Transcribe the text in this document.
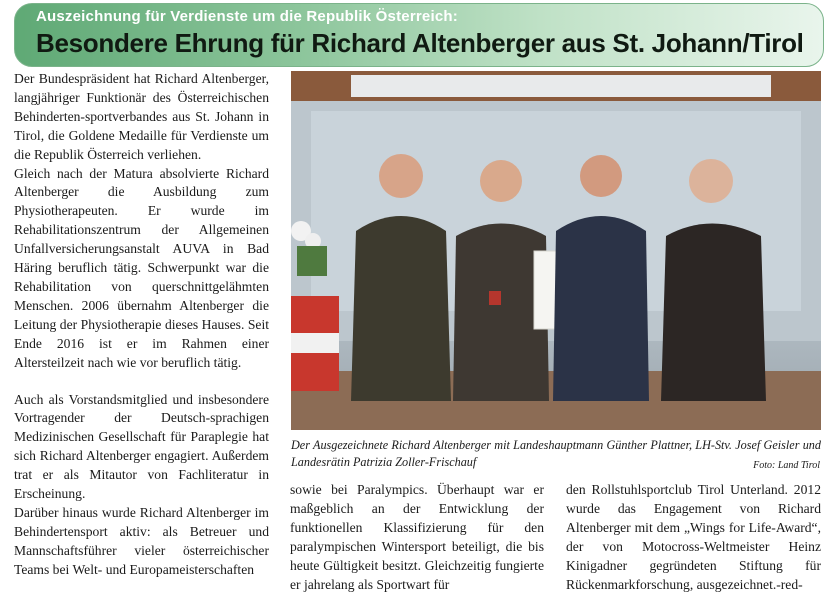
Auszeichnung für Verdienste um die Republik Österreich:
Besondere Ehrung für Richard Altenberger aus St. Johann/Tirol

Der Bundespräsident hat Richard Altenberger, langjähriger Funktionär des Österreichischen Behinderten-sportverbandes aus St. Johann in Tirol, die Goldene Medaille für Verdienste um die Republik Österreich verliehen.

Gleich nach der Matura absolvierte Richard Altenberger die Ausbildung zum Physiotherapeuten. Er wurde im Rehabilitationszentrum der Allgemeinen Unfallversicherungsanstalt AUVA in Bad Häring beruflich tätig. Schwerpunkt war die Rehabilitation von querschnittgelähmten Menschen. 2006 übernahm Altenberger die Leitung der Physiotherapie dieses Hauses. Seit Ende 2016 ist er im Rahmen einer Altersteilzeit nach wie vor beruflich tätig.

Auch als Vorstandsmitglied und insbesondere Vortragender der Deutsch-sprachigen Medizinischen Gesellschaft für Paraplegie hat sich Richard Altenberger engagiert. Außerdem trat er als Mitautor von Fachliteratur in Erscheinung.

Darüber hinaus wurde Richard Altenberger im Behindertensport aktiv: als Betreuer und Mannschaftsführer vieler österreichischer Teams bei Welt- und Europameisterschaften

Der Ausgezeichnete Richard Altenberger mit Landeshauptmann Günther Plattner, LH-Stv. Josef Geisler und Landesrätin Patrizia Zoller-Frischauf	Foto: Land Tirol

sowie bei Paralympics. Überhaupt war er maßgeblich an der Entwicklung der funktionellen Klassifizierung für den paralympischen Wintersport beteiligt, die bis heute Gültigkeit besitzt. Gleichzeitig fungierte er jahrelang als Sportwart für

den Rollstuhlsportclub Tirol Unterland. 2012 wurde das Engagement von Richard Altenberger mit dem „Wings for Life-Award“, der von Motocross-Weltmeister Heinz Kinigadner gegründeten Stiftung für Rückenmarkforschung, ausgezeichnet.-red-
